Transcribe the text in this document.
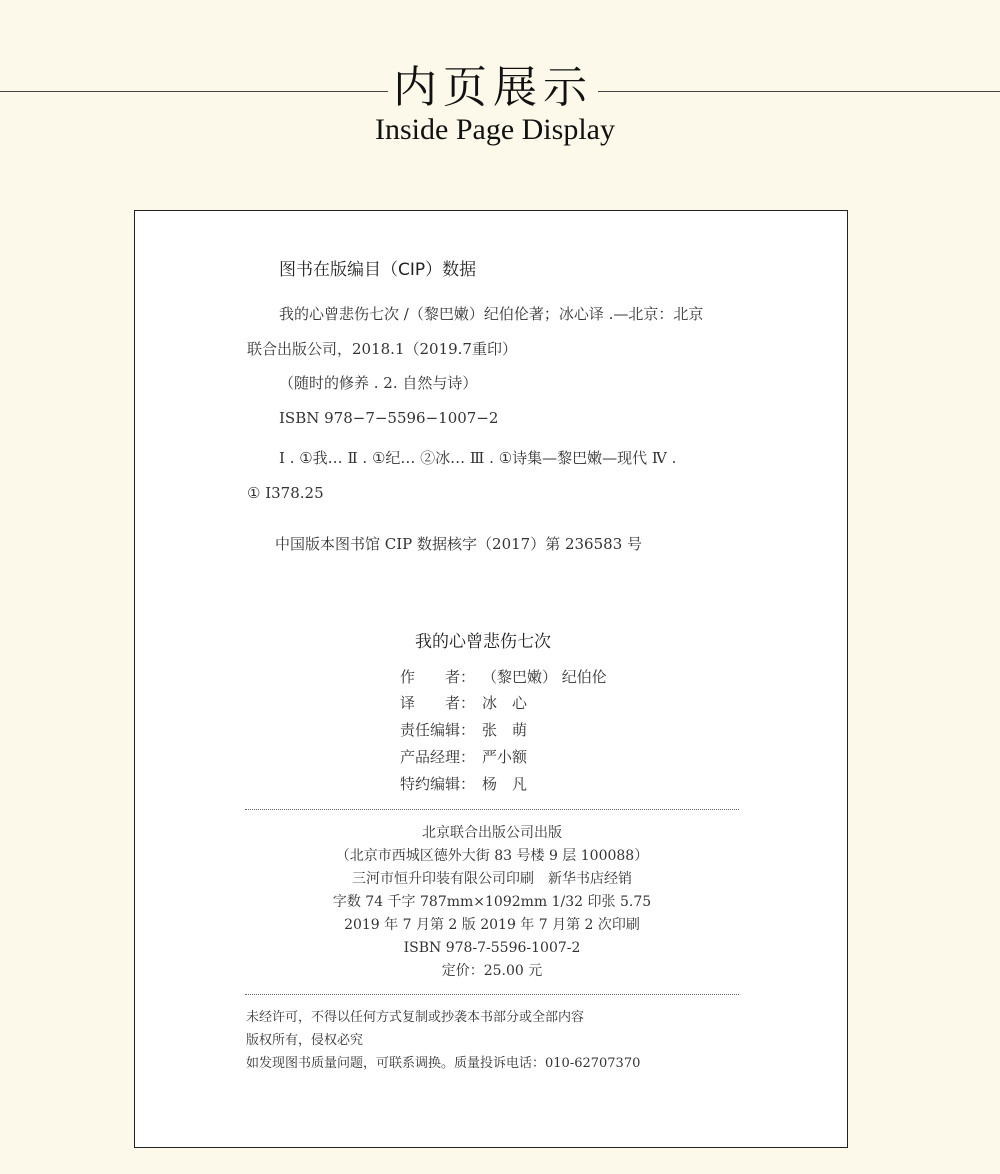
内页展示
Inside Page Display
图书在版编目（CIP）数据
我的心曾悲伤七次 /（黎巴嫩）纪伯伦著；冰心译 .—北京：北京
联合出版公司，2018.1（2019.7重印）
（随时的修养 . 2. 自然与诗）
ISBN 978−7−5596−1007−2
Ⅰ . ①我… Ⅱ . ①纪… ②冰… Ⅲ . ①诗集—黎巴嫩—现代 Ⅳ .
① I378.25
中国版本图书馆 CIP 数据核字（2017）第 236583 号
我的心曾悲伤七次
作　　者： （黎巴嫩） 纪伯伦
译　　者： 冰　心
责任编辑： 张　萌
产品经理： 严小额
特约编辑： 杨　凡
北京联合出版公司出版
（北京市西城区德外大街 83 号楼 9 层 100088）
三河市恒升印装有限公司印刷　新华书店经销
字数 74 千字 787mm×1092mm 1/32 印张 5.75
2019 年 7 月第 2 版 2019 年 7 月第 2 次印刷
ISBN 978-7-5596-1007-2
定价：25.00 元
未经许可，不得以任何方式复制或抄袭本书部分或全部内容
版权所有，侵权必究
如发现图书质量问题，可联系调换。质量投诉电话：010-62707370
